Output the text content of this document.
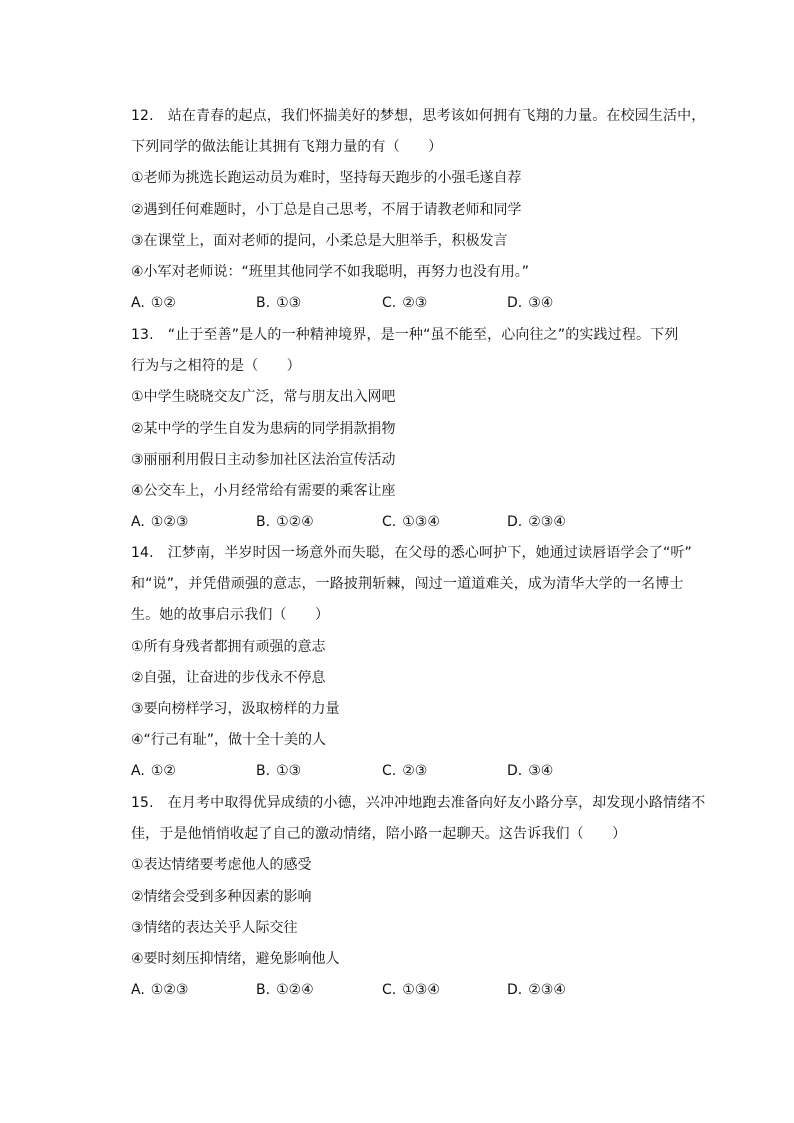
12. 站在青春的起点，我们怀揣美好的梦想，思考该如何拥有飞翔的力量。在校园生活中，
下列同学的做法能让其拥有飞翔力量的有（　　）
①老师为挑选长跑运动员为难时，坚持每天跑步的小强毛遂自荐
②遇到任何难题时，小丁总是自己思考，不屑于请教老师和同学
③在课堂上，面对老师的提问，小柔总是大胆举手，积极发言
④小军对老师说：“班里其他同学不如我聪明，再努力也没有用。”
A. ①②	B. ①③	C. ②③	D. ③④
13. “止于至善”是人的一种精神境界，是一种“虽不能至，心向往之”的实践过程。下列
行为与之相符的是（　　）
①中学生晓晓交友广泛，常与朋友出入网吧
②某中学的学生自发为患病的同学捐款捐物
③丽丽利用假日主动参加社区法治宣传活动
④公交车上，小月经常给有需要的乘客让座
A. ①②③	B. ①②④	C. ①③④	D. ②③④
14. 江梦南，半岁时因一场意外而失聪，在父母的悉心呵护下，她通过读唇语学会了“听”
和“说”，并凭借顽强的意志，一路披荆斩棘，闯过一道道难关，成为清华大学的一名博士
生。她的故事启示我们（　　）
①所有身残者都拥有顽强的意志
②自强，让奋进的步伐永不停息
③要向榜样学习，汲取榜样的力量
④“行己有耻”，做十全十美的人
A. ①②	B. ①③	C. ②③	D. ③④
15. 在月考中取得优异成绩的小德，兴冲冲地跑去准备向好友小路分享，却发现小路情绪不
佳，于是他悄悄收起了自己的激动情绪，陪小路一起聊天。这告诉我们（　　）
①表达情绪要考虑他人的感受
②情绪会受到多种因素的影响
③情绪的表达关乎人际交往
④要时刻压抑情绪，避免影响他人
A. ①②③	B. ①②④	C. ①③④	D. ②③④
